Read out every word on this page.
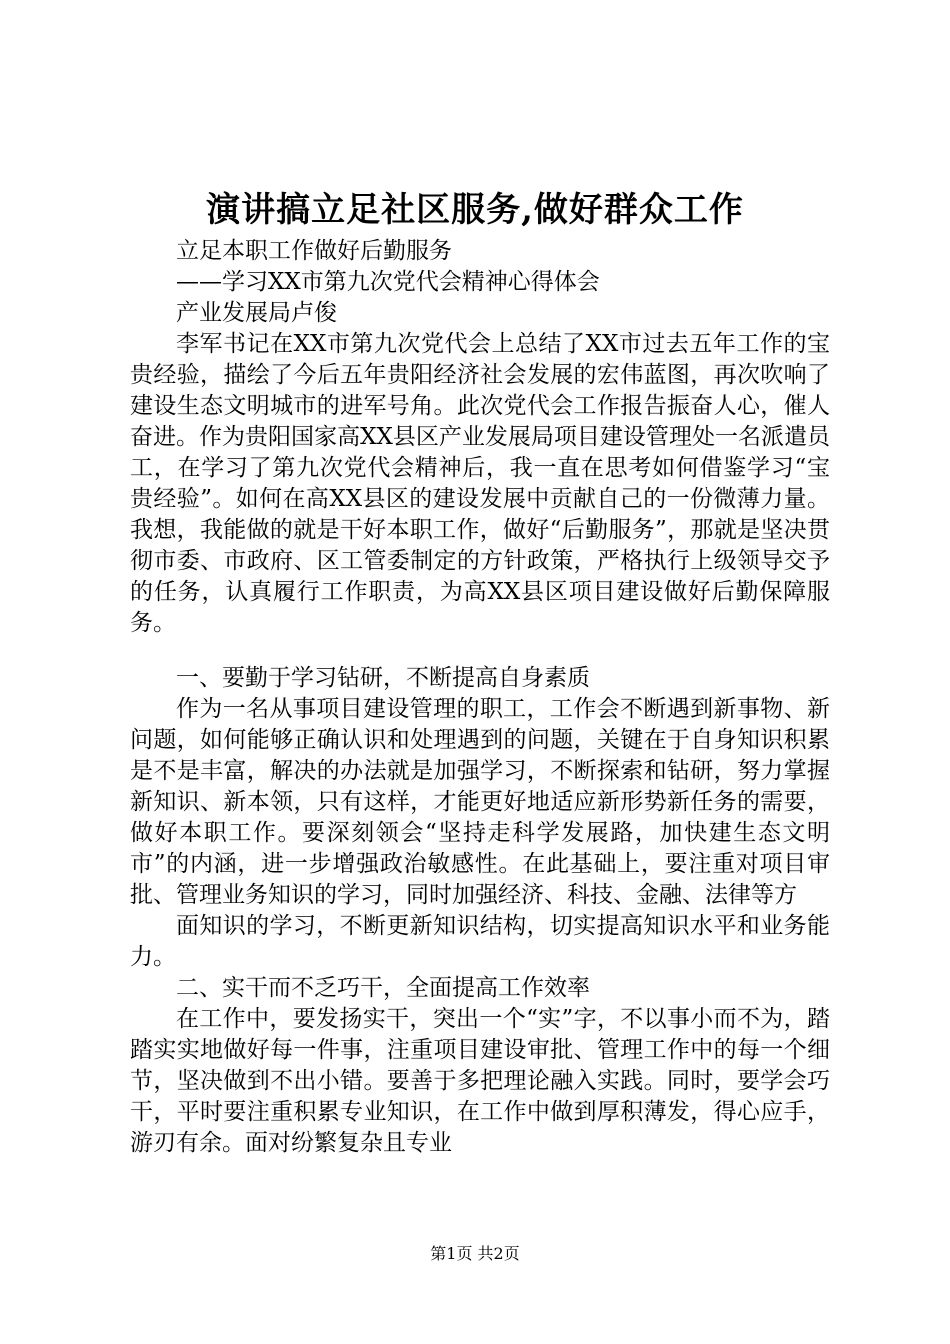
演讲搞立足社区服务,做好群众工作

立足本职工作做好后勤服务

——学习XX市第九次党代会精神心得体会

产业发展局卢俊

李军书记在XX市第九次党代会上总结了XX市过去五年工作的宝贵经验，描绘了今后五年贵阳经济社会发展的宏伟蓝图，再次吹响了建设生态文明城市的进军号角。此次党代会工作报告振奋人心，催人奋进。作为贵阳国家高XX县区产业发展局项目建设管理处一名派遣员工，在学习了第九次党代会精神后，我一直在思考如何借鉴学习“宝贵经验”。如何在高XX县区的建设发展中贡献自己的一份微薄力量。我想，我能做的就是干好本职工作，做好“后勤服务”，那就是坚决贯彻市委、市政府、区工管委制定的方针政策，严格执行上级领导交予的任务，认真履行工作职责，为高XX县区项目建设做好后勤保障服务。

一、要勤于学习钻研，不断提高自身素质

作为一名从事项目建设管理的职工，工作会不断遇到新事物、新问题，如何能够正确认识和处理遇到的问题，关键在于自身知识积累是不是丰富，解决的办法就是加强学习，不断探索和钻研，努力掌握新知识、新本领，只有这样，才能更好地适应新形势新任务的需要，做好本职工作。要深刻领会“坚持走科学发展路，加快建生态文明市”的内涵，进一步增强政治敏感性。在此基础上，要注重对项目审批、管理业务知识的学习，同时加强经济、科技、金融、法律等方

面知识的学习，不断更新知识结构，切实提高知识水平和业务能力。

二、实干而不乏巧干，全面提高工作效率

在工作中，要发扬实干，突出一个“实”字，不以事小而不为，踏踏实实地做好每一件事，注重项目建设审批、管理工作中的每一个细节，坚决做到不出小错。要善于多把理论融入实践。同时，要学会巧干，平时要注重积累专业知识，在工作中做到厚积薄发，得心应手，游刃有余。面对纷繁复杂且专业

第1页 共2页
